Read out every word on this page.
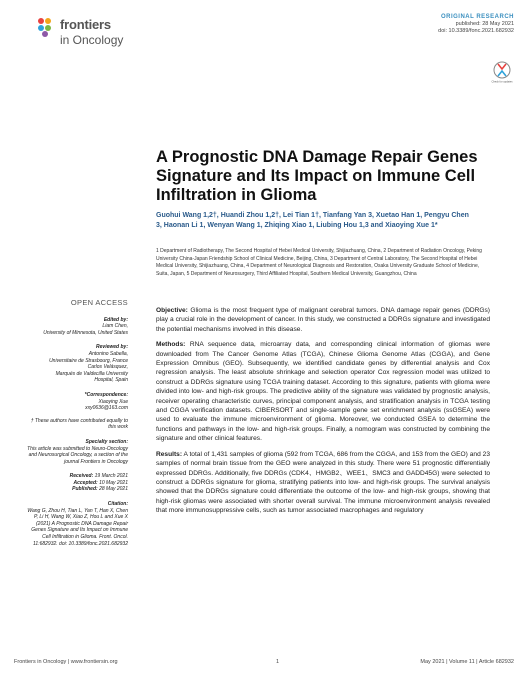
frontiers
in Oncology
ORIGINAL RESEARCH
published: 28 May 2021
doi: 10.3389/fonc.2021.682932
Check for updates
A Prognostic DNA Damage Repair Genes Signature and Its Impact on Immune Cell Infiltration in Glioma
Guohui Wang 1,2†, Huandi Zhou 1,2†, Lei Tian 1†, Tianfang Yan 3, Xuetao Han 1, Pengyu Chen 3, Haonan Li 1, Wenyan Wang 1, Zhiqing Xiao 1, Liubing Hou 1,3 and Xiaoying Xue 1*
1 Department of Radiotherapy, The Second Hospital of Hebei Medical University, Shijiazhuang, China, 2 Department of Radiation Oncology, Peking University China-Japan Friendship School of Clinical Medicine, Beijing, China, 3 Department of Central Laboratory, The Second Hospital of Hebei Medical University, Shijiazhuang, China, 4 Department of Neurological Diagnosis and Restoration, Osaka University Graduate School of Medicine, Suita, Japan, 5 Department of Neurosurgery, Third Affiliated Hospital, Southern Medical University, Guangzhou, China
OPEN ACCESS
Edited by:
Liam Chen,
University of Minnesota, United States
Reviewed by:
Antonino Sabella,
Universitaire de Strasbourg, France
Carlos Velásquez,
Marqués de Valdecilla University
Hospital, Spain
*Correspondence:
Xiaoying Xue
xxy0636@163.com
† These authors have contributed equally to this work
Specialty section:
This article was submitted to Neuro-Oncology and Neurosurgical Oncology, a section of the journal Frontiers in Oncology
Received: 19 March 2021
Accepted: 10 May 2021
Published: 28 May 2021
Citation:
Wang G, Zhou H, Tian L, Yan T, Han X, Chen P, Li H, Wang W, Xiao Z, Hou L and Xue X (2021) A Prognostic DNA Damage Repair Genes Signature and Its Impact on Immune Cell Infiltration in Glioma. Front. Oncol. 11:682932. doi: 10.3389/fonc.2021.682932

Objective: Glioma is the most frequent type of malignant cerebral tumors. DNA damage repair genes (DDRGs) play a crucial role in the development of cancer. In this study, we constructed a DDRGs signature and investigated the potential mechanisms involved in this disease.

Methods: RNA sequence data, microarray data, and corresponding clinical information of gliomas were downloaded from The Cancer Genome Atlas (TCGA), Chinese Glioma Genome Atlas (CGGA), and Gene Expression Omnibus (GEO). Subsequently, we identified candidate genes by differential analysis and Cox regression analysis. The least absolute shrinkage and selection operator Cox regression model was utilized to construct a DDRGs signature using TCGA training dataset. According to this signature, patients with glioma were divided into low- and high-risk groups. The predictive ability of the signature was validated by prognostic analysis, receiver operating characteristic curves, principal component analysis, and stratification analysis in TCGA testing and CGGA verification datasets. CIBERSORT and single-sample gene set enrichment analysis (ssGSEA) were used to evaluate the immune microenvironment of glioma. Moreover, we conducted GSEA to determine the functions and pathways in the low- and high-risk groups. Finally, a nomogram was constructed by combining the signature and other clinical features.

Results: A total of 1,431 samples of glioma (592 from TCGA, 686 from the CGGA, and 153 from the GEO) and 23 samples of normal brain tissue from the GEO were analyzed in this study. There were 51 prognostic differentially expressed DDRGs. Additionally, five DDRGs (CDK4、HMGB2、WEE1、SMC3 and GADD45G) were selected to construct a DDRGs signature for glioma, stratifying patients into low- and high-risk groups. The survival analysis showed that the DDRGs signature could differentiate the outcome of the low- and high-risk groups, showing that high-risk gliomas were associated with shorter overall survival. The immune microenvironment analysis revealed that more immunosuppressive cells, such as tumor associated macrophages and regulatory

Frontiers in Oncology | www.frontiersin.org	1	May 2021 | Volume 11 | Article 682932
